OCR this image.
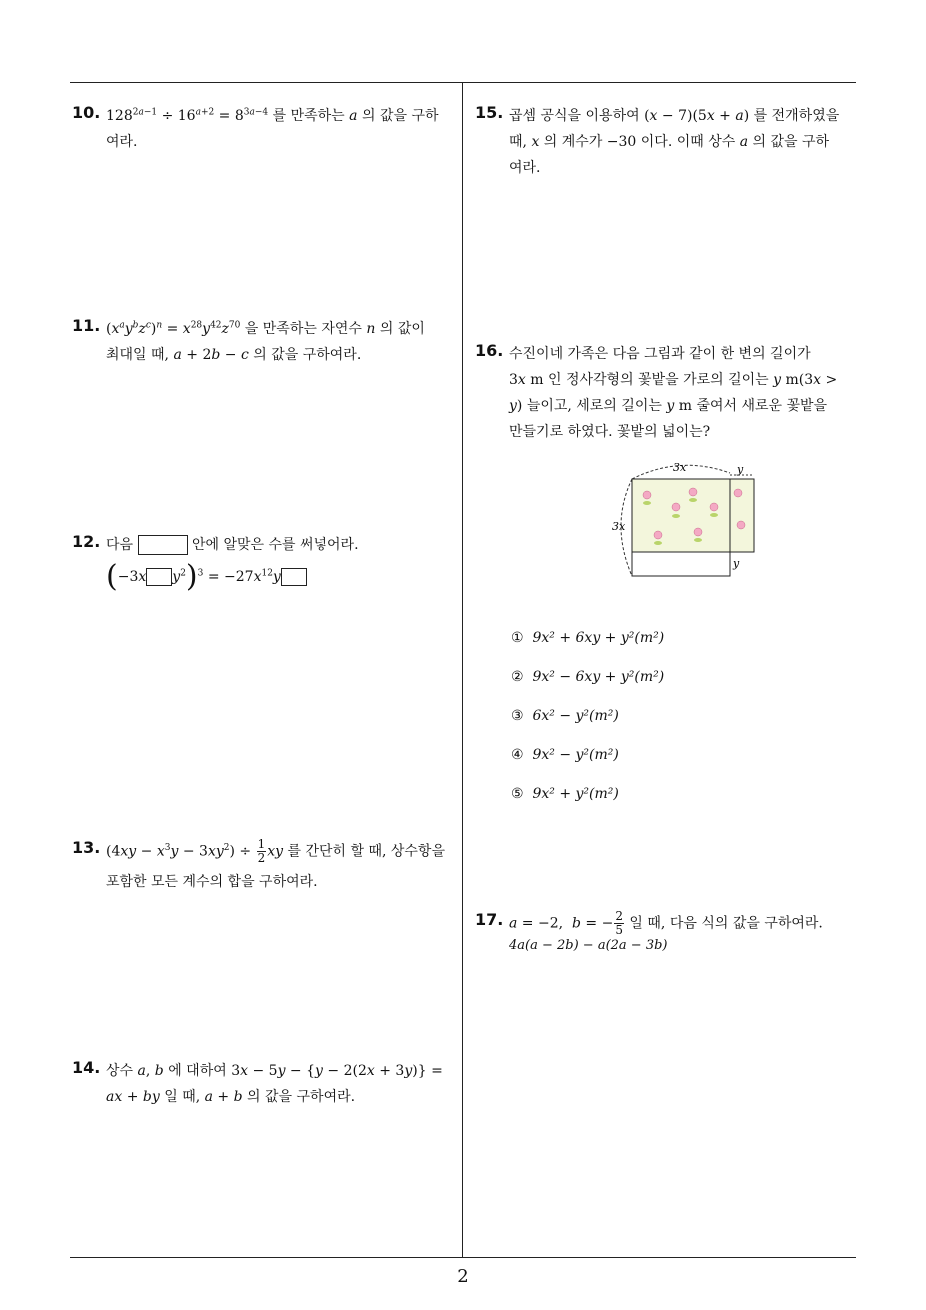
10. $128^{2a-1} \div 16^{a+2} = 8^{3a-4}$ 를 만족하는 a 의 값을 구하
여라.
11. $(x^ay^bz^c)^n = x^{28}y^{42}z^{70}$ 을 만족하는 자연수 n 의 값이
최대일 때, a + 2b − c 의 값을 구하여라.
12. 다음	안에 알맞은 수를 써넣어라.
(−3x $y^2)^3 = -27x^{12}y$
13. $(4xy - x^3y - 3xy^2) \div \frac{1}{2}$ xy 를 간단히 할 때, 상수항을
포함한 모든 계수의 합을 구하여라.
14. 상수 a, b 에 대하여 3x − 5y − {y − 2(2x + 3y)} =
ax + by 일 때, a + b 의 값을 구하여라.
15. 곱셈 공식을 이용하여 (x − 7)(5x + a) 를 전개하였을
때, x 의 계수가 −30 이다. 이때 상수 a 의 값을 구하
여라.
16. 수진이네 가족은 다음 그림과 같이 한 변의 길이가
3x m 인 정사각형의 꽃밭을 가로의 길이는 y m(3x >
y) 늘이고, 세로의 길이는 y m 줄여서 새로운 꽃밭을
만들기로 하였다. 꽃밭의 넓이는?
3x
3x
y
y
① 9x² + 6xy + y²(m²)
② 9x² − 6xy + y²(m²)
③ 6x² − y²(m²)
④ 9x² − y²(m²)
⑤ 9x² + y²(m²)
17. a = −2,  b = − $\frac{2}{5}$ 일 때, 다음 식의 값을 구하여라.
4a(a − 2b) − a(2a − 3b)
2
